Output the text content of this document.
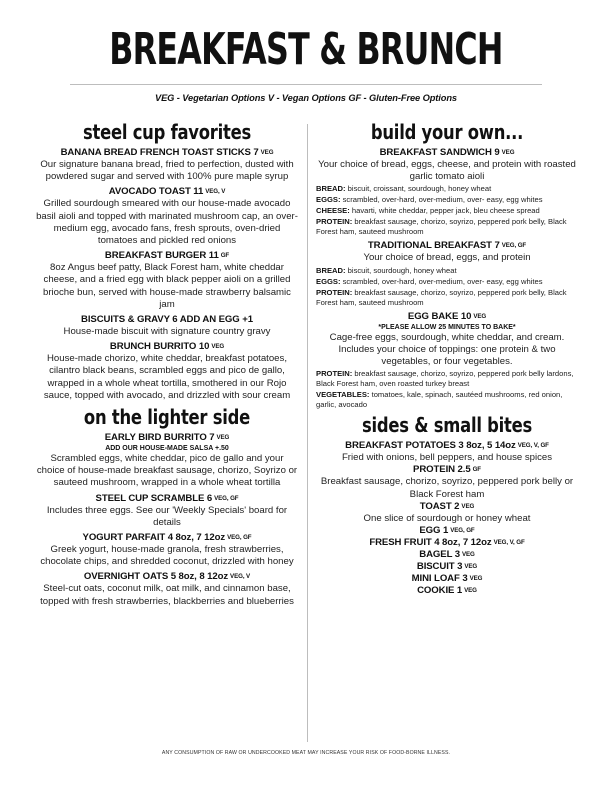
BREAKFAST & BRUNCH
VEG - Vegetarian Options V - Vegan Options GF - Gluten-Free Options
steel cup favorites
BANANA BREAD FRENCH TOAST STICKS 7 VEG
Our signature banana bread, fried to perfection, dusted with powdered sugar and served with 100% pure maple syrup
AVOCADO TOAST 11 VEG, V
Grilled sourdough smeared with our house-made avocado basil aioli and topped with marinated mushroom cap, an over-medium egg, avocado fans, fresh sprouts, oven-dried tomatoes and pickled red onions
BREAKFAST BURGER 11 GF
8oz Angus beef patty, Black Forest ham, white cheddar cheese, and a fried egg with black pepper aioli on a grilled brioche bun, served with house-made strawberry balsamic jam
BISCUITS & GRAVY 6 ADD AN EGG +1
House-made biscuit with signature country gravy
BRUNCH BURRITO 10 VEG
House-made chorizo, white cheddar, breakfast potatoes, cilantro black beans, scrambled eggs and pico de gallo, wrapped in a whole wheat tortilla, smothered in our Rojo sauce, topped with avocado, and drizzled with sour cream
on the lighter side
EARLY BIRD BURRITO 7 VEG
ADD OUR HOUSE-MADE SALSA +.50
Scrambled eggs, white cheddar, pico de gallo and your choice of house-made breakfast sausage, chorizo, Soyrizo or sauteed mushroom, wrapped in a whole wheat tortilla
STEEL CUP SCRAMBLE 6 VEG, GF
Includes three eggs. See our 'Weekly Specials' board for details
YOGURT PARFAIT 4 8oz, 7 12oz VEG, GF
Greek yogurt, house-made granola, fresh strawberries, chocolate chips, and shredded coconut, drizzled with honey
OVERNIGHT OATS 5 8oz, 8 12oz VEG, V
Steel-cut oats, coconut milk, oat milk, and cinnamon base, topped with fresh strawberries, blackberries and blueberries
build your own...
BREAKFAST SANDWICH 9 VEG
Your choice of bread, eggs, cheese, and protein with roasted garlic tomato aioli
BREAD: biscuit, croissant, sourdough, honey wheat
EGGS: scrambled, over-hard, over-medium, over- easy, egg whites
CHEESE: havarti, white cheddar, pepper jack, bleu cheese spread
PROTEIN: breakfast sausage, chorizo, soyrizo, peppered pork belly, Black Forest ham, sauteed mushroom
TRADITIONAL BREAKFAST 7 VEG, GF
Your choice of bread, eggs, and protein
BREAD: biscuit, sourdough, honey wheat
EGGS: scrambled, over-hard, over-medium, over- easy, egg whites
PROTEIN: breakfast sausage, chorizo, soyrizo, peppered pork belly, Black Forest ham, sauteed mushroom
EGG BAKE 10 VEG
*PLEASE ALLOW 25 MINUTES TO BAKE*
Cage-free eggs, sourdough, white cheddar, and cream. Includes your choice of toppings: one protein & two vegetables, or four vegetables.
PROTEIN: breakfast sausage, chorizo, soyrizo, peppered pork belly lardons, Black Forest ham, oven roasted turkey breast
VEGETABLES: tomatoes, kale, spinach, sautéed mushrooms, red onion, garlic, avocado
sides & small bites
BREAKFAST POTATOES 3 8oz, 5 14oz VEG, V, GF
Fried with onions, bell peppers, and house spices
PROTEIN 2.5 GF
Breakfast sausage, chorizo, soyrizo, peppered pork belly or Black Forest ham
TOAST 2 VEG
One slice of sourdough or honey wheat
EGG 1 VEG, GF
FRESH FRUIT 4 8oz, 7 12oz VEG, V, GF
BAGEL 3 VEG
BISCUIT 3 VEG
MINI LOAF 3 VEG
COOKIE 1 VEG
ANY CONSUMPTION OF RAW OR UNDERCOOKED MEAT MAY INCREASE YOUR RISK OF FOOD-BORNE ILLNESS.
